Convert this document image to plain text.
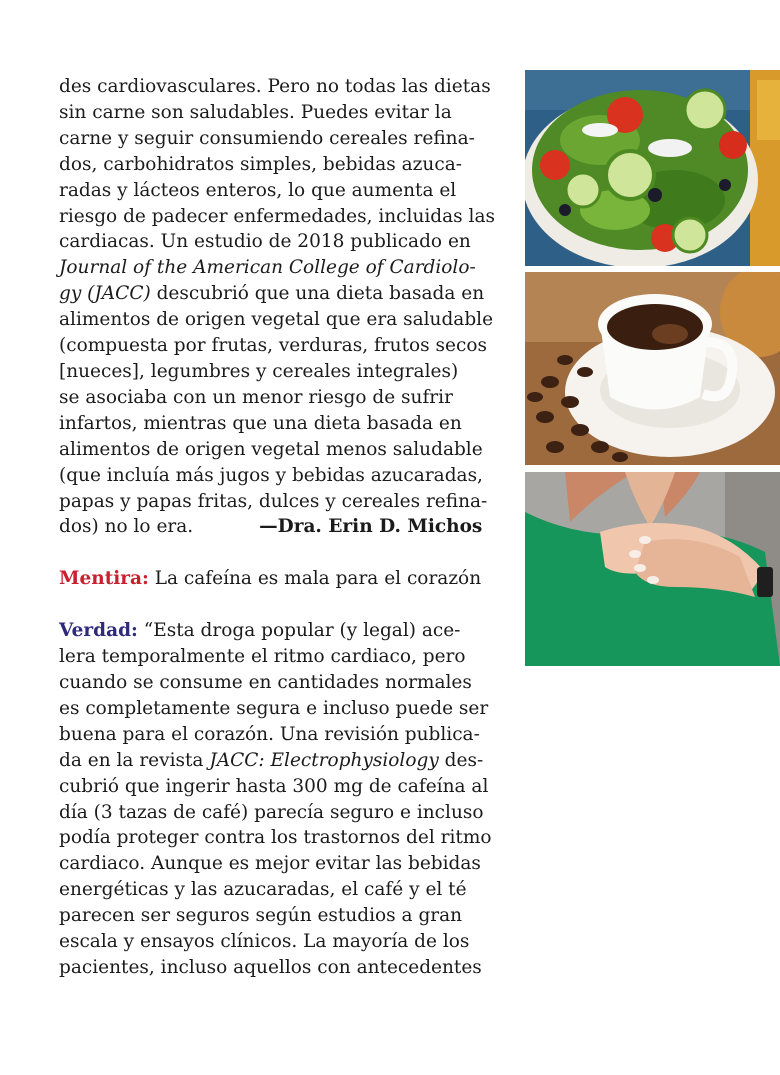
des cardiovasculares. Pero no todas las dietas
sin carne son saludables. Puedes evitar la
carne y seguir consumiendo cereales refina-
dos, carbohidratos simples, bebidas azuca-
radas y lácteos enteros, lo que aumenta el
riesgo de padecer enfermedades, incluidas las
cardiacas. Un estudio de 2018 publicado en
Journal of the American College of Cardiolo-
gy (JACC) descubrió que una dieta basada en
alimentos de origen vegetal que era saludable
(compuesta por frutas, verduras, frutos secos
[nueces], legumbres y cereales integrales)
se asociaba con un menor riesgo de sufrir
infartos, mientras que una dieta basada en
alimentos de origen vegetal menos saludable
(que incluía más jugos y bebidas azucaradas,
papas y papas fritas, dulces y cereales refina-
dos) no lo era.	—Dra. Erin D. Michos

Mentira: La cafeína es mala para el corazón

Verdad: “Esta droga popular (y legal) ace-
lera temporalmente el ritmo cardiaco, pero
cuando se consume en cantidades normales
es completamente segura e incluso puede ser
buena para el corazón. Una revisión publica-
da en la revista JACC: Electrophysiology des-
cubrió que ingerir hasta 300 mg de cafeína al
día (3 tazas de café) parecía seguro e incluso
podía proteger contra los trastornos del ritmo
cardiaco. Aunque es mejor evitar las bebidas
energéticas y las azucaradas, el café y el té
parecen ser seguros según estudios a gran
escala y ensayos clínicos. La mayoría de los
pacientes, incluso aquellos con antecedentes
